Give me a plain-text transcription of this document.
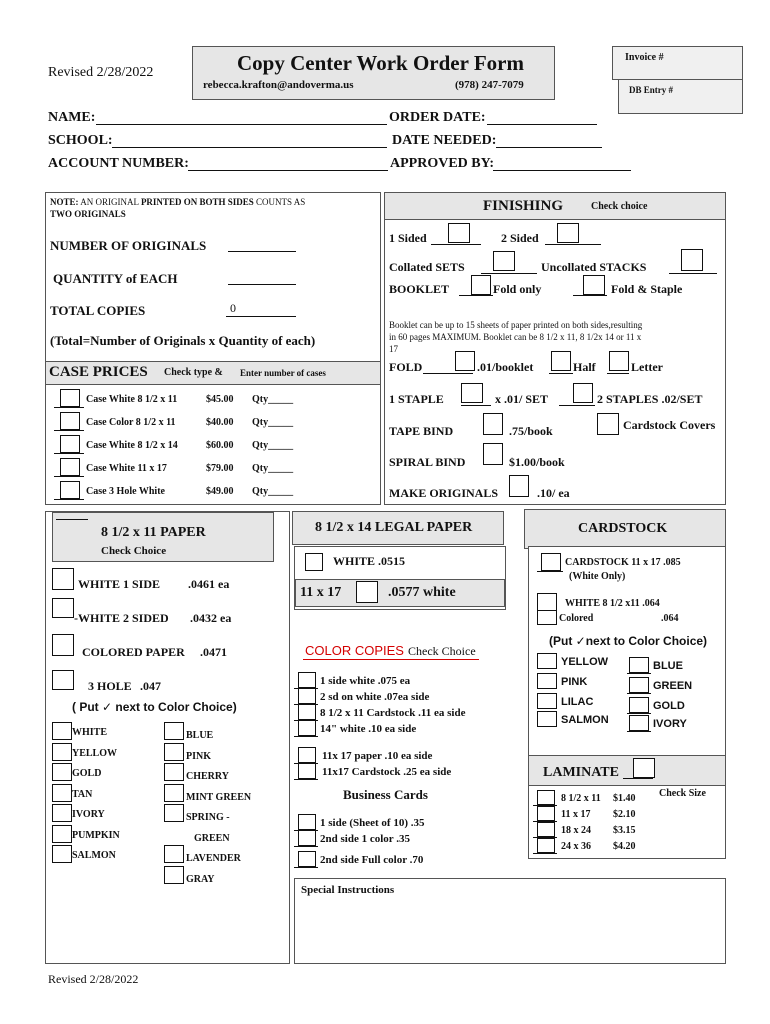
Revised 2/28/2022	Copy Center Work Order Form
rebecca.krafton@andoverma.us	(978) 247-7079
Invoice #
DB Entry #
NAME:
SCHOOL:
ACCOUNT NUMBER:
ORDER DATE:
DATE NEEDED:
APPROVED BY:
NOTE: AN ORIGINAL PRINTED ON BOTH SIDES COUNTS AS
TWO ORIGINALS
NUMBER OF ORIGINALS
QUANTITY of EACH
TOTAL COPIES	0
(Total=Number of Originals x Quantity of each)
CASE PRICES Check type & Enter number of cases
Case White 8 1/2 x 11	$45.00 Qty_____
Case Color 8 1/2 x 11	$40.00 Qty_____
Case White 8 1/2 x 14	$60.00 Qty_____
Case White 11 x 17	$79.00 Qty_____
Case 3 Hole White	$49.00 Qty_____
FINISHING	Check choice
1 Sided	2 Sided
Collated SETS	Uncollated STACKS
BOOKLET	Fold only	Fold & Staple
Booklet can be up to 15 sheets of paper printed on both sides,resulting
in 60 pages MAXIMUM. Booklet can be 8 1/2 x 11, 8 1/2x 14 or 11 x
17
FOLD	.01/booklet	Half	Letter
1 STAPLE	x .01/ SET	2 STAPLES .02/SET
TAPE BIND	.75/book	Cardstock Covers
SPIRAL BIND	$1.00/book
MAKE ORIGINALS	.10/ ea
8 1/2 x 11 PAPER
Check Choice
WHITE 1 SIDE .0461 ea
-WHITE 2 SIDED .0432 ea
COLORED PAPER .0471
3 HOLE .047
( Put ✓ next to Color Choice)
WHITE
YELLOW
GOLD
TAN
IVORY
PUMPKIN
SALMON
BLUE
PINK
CHERRY
MINT GREEN
SPRING -
GREEN
LAVENDER
GRAY
8 1/2 x 14 LEGAL PAPER
WHITE .0515
11 x 17	.0577 white
COLOR COPIES Check Choice
1 side white .075 ea
2 sd on white .07ea side
8 1/2 x 11 Cardstock .11 ea side
14" white .10 ea side
11x 17 paper .10 ea side
11x17 Cardstock .25 ea side
Business Cards
1 side (Sheet of 10) .35
2nd side 1 color .35
2nd side Full color .70
Special Instructions
CARDSTOCK
CARDSTOCK 11 x 17 .085
(White Only)
WHITE 8 1/2 x11 .064
Colored	.064
(Put ✓next to Color Choice)
YELLOW
PINK
LILAC
SALMON
BLUE
GREEN
GOLD
IVORY
LAMINATE
Check Size
8 1/2 x 11 $1.40
11 x 17 $2.10
18 x 24 $3.15
24 x 36 $4.20
Revised 2/28/2022
